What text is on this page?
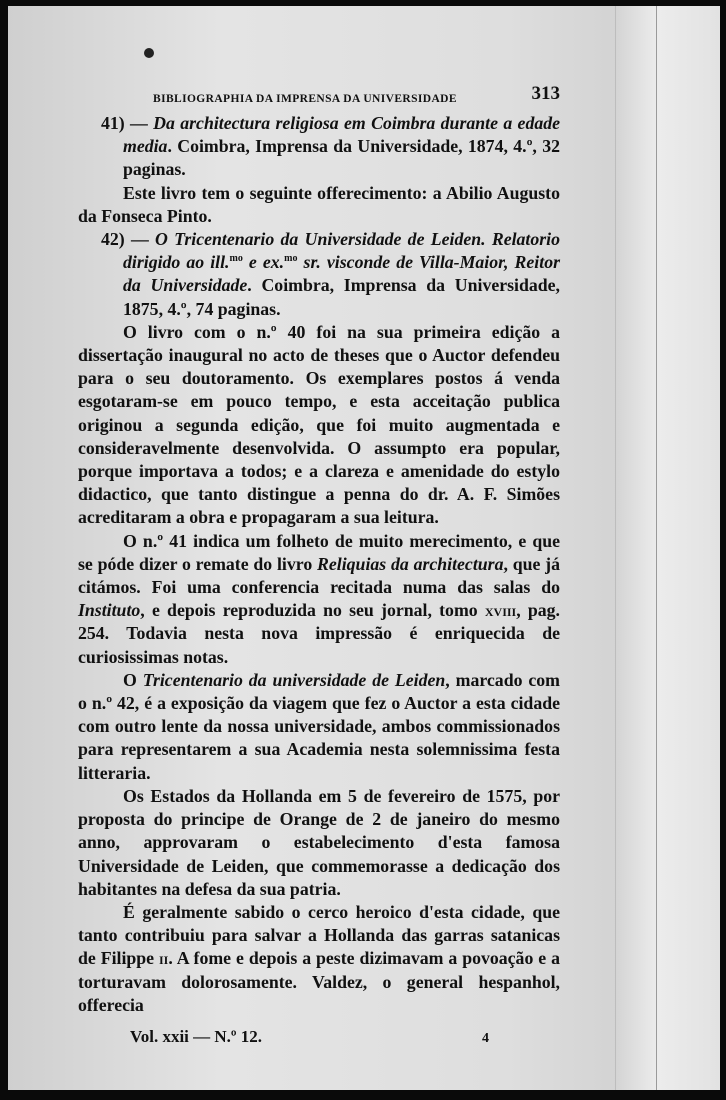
BIBLIOGRAPHIA DA IMPRENSA DA UNIVERSIDADE	313

41) — Da architectura religiosa em Coimbra durante a edade media. Coimbra, Imprensa da Universidade, 1874, 4.º, 32 paginas.

Este livro tem o seguinte offerecimento: a Abilio Augusto da Fonseca Pinto.

42) — O Tricentenario da Universidade de Leiden. Relatorio dirigido ao ill.$^{mo}$ e ex.$^{mo}$ sr. visconde de Villa-Maior, Reitor da Universidade. Coimbra, Imprensa da Universidade, 1875, 4.º, 74 paginas.

O livro com o n.º 40 foi na sua primeira edição a dissertação inaugural no acto de theses que o Auctor defendeu para o seu doutoramento. Os exemplares postos á venda esgotaram-se em pouco tempo, e esta acceitação publica originou a segunda edição, que foi muito augmentada e consideravelmente desenvolvida. O assumpto era popular, porque importava a todos; e a clareza e amenidade do estylo didactico, que tanto distingue a penna do dr. A. F. Simões acreditaram a obra e propagaram a sua leitura.

O n.º 41 indica um folheto de muito merecimento, e que se póde dizer o remate do livro Reliquias da architectura, que já citámos. Foi uma conferencia recitada numa das salas do Instituto, e depois reproduzida no seu jornal, tomo xviii, pag. 254. Todavia nesta nova impressão é enriquecida de curiosissimas notas.

O Tricentenario da universidade de Leiden, marcado com o n.º 42, é a exposição da viagem que fez o Auctor a esta cidade com outro lente da nossa universidade, ambos commissionados para representarem a sua Academia nesta solemnissima festa litteraria.

Os Estados da Hollanda em 5 de fevereiro de 1575, por proposta do principe de Orange de 2 de janeiro do mesmo anno, approvaram o estabelecimento d'esta famosa Universidade de Leiden, que commemorasse a dedicação dos habitantes na defesa da sua patria.

É geralmente sabido o cerco heroico d'esta cidade, que tanto contribuiu para salvar a Hollanda das garras satanicas de Filippe ii. A fome e depois a peste dizimavam a povoação e a torturavam dolorosamente. Valdez, o general hespanhol, offerecia

Vol. xxii — N.º 12.	4
